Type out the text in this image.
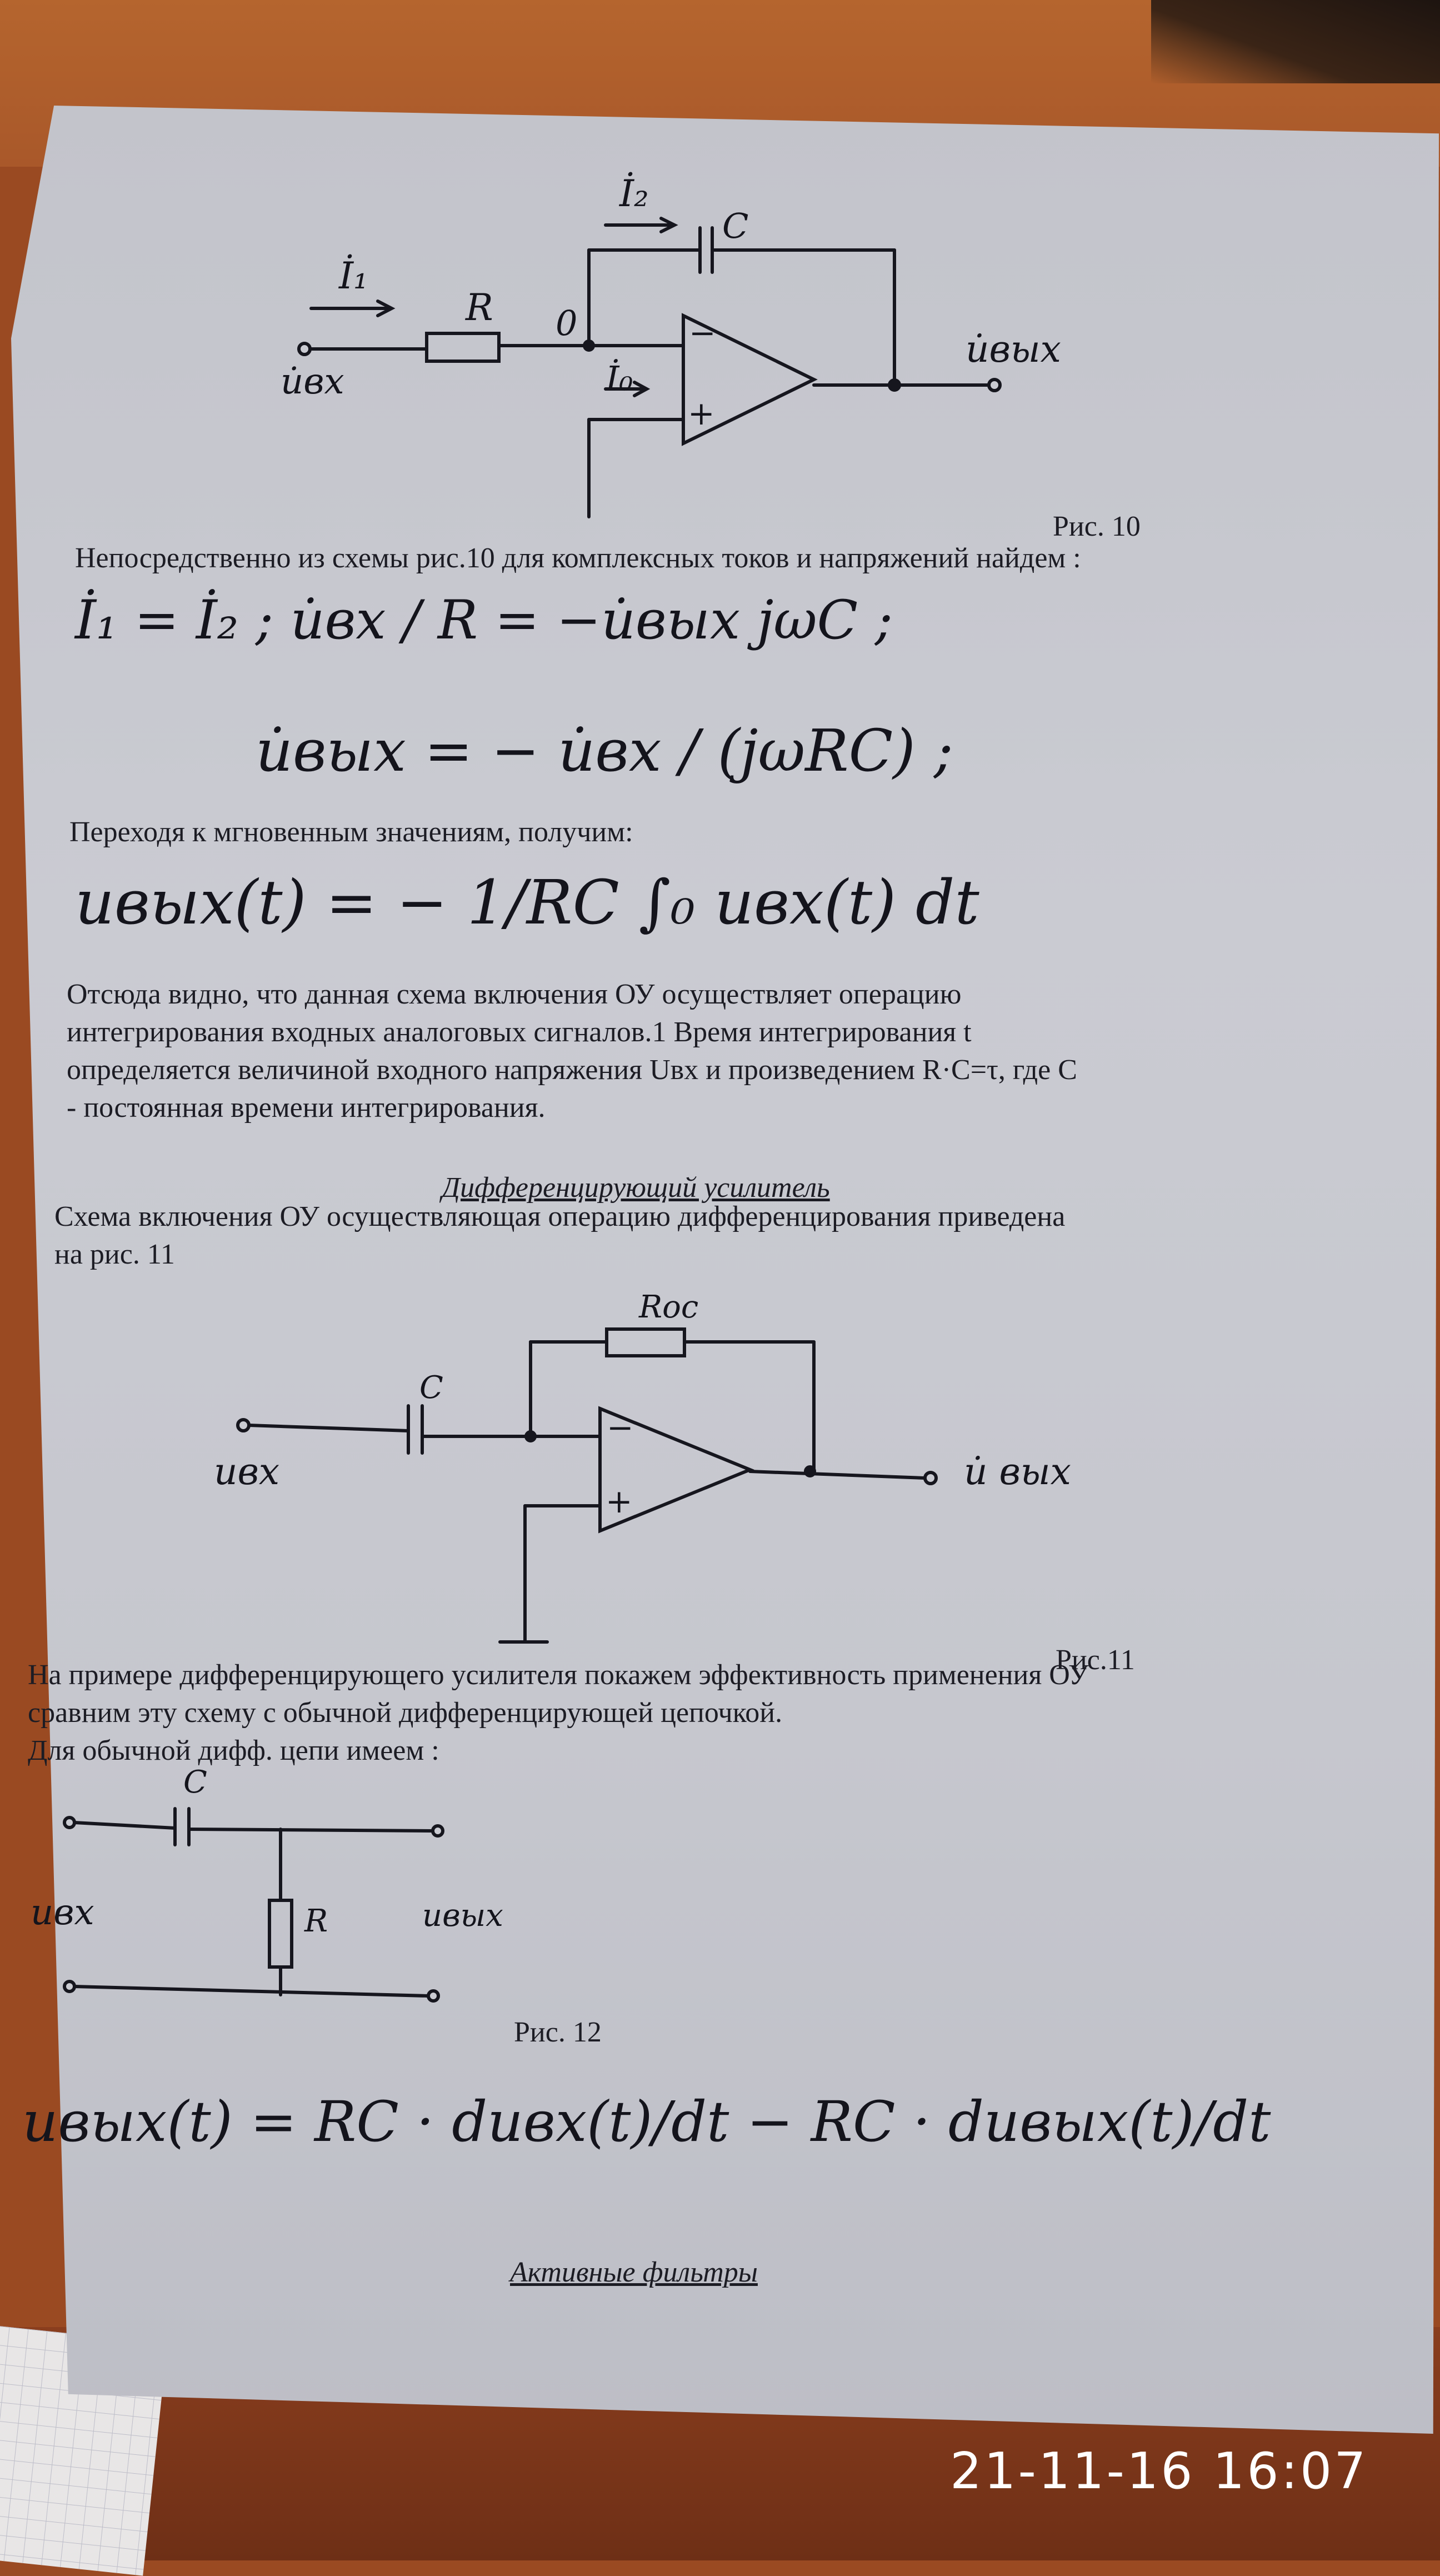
İ₁
İ₂
İ₀
R
C
0
u̇вх
u̇вых
−
+
Рис. 10
Непосредственно из схемы рис.10 для комплексных токов и напряжений найдем :
İ₁ = İ₂ ; u̇вх / R = −u̇вых jωC ;
u̇вых = − u̇вх / (jωRC) ;
Переходя к мгновенным значениям, получим:
uвых(t) = − 1/RC ∫₀ uвх(t) dt
Отсюда видно, что данная схема включения ОУ осуществляет операцию
интегрирования входных аналоговых сигналов.1 Время интегрирования t
определяется величиной входного напряжения Uвх и произведением R·C=τ, где C
- постоянная времени интегрирования.
Дифференцирующий усилитель
Схема включения ОУ осуществляющая операцию дифференцирования приведена
на рис. 11
Rос
C
uвх	u̇ вых
−
+
Рис.11
На примере дифференцирующего усилителя покажем эффективность применения ОУ
сравним эту схему с обычной дифференцирующей цепочкой.
Для обычной дифф. цепи имеем :
C
R
uвх	uвых
Рис. 12
uвых(t) = RC · duвх(t)/dt − RC · duвых(t)/dt
Активные фильтры
21-11-16 16:07
